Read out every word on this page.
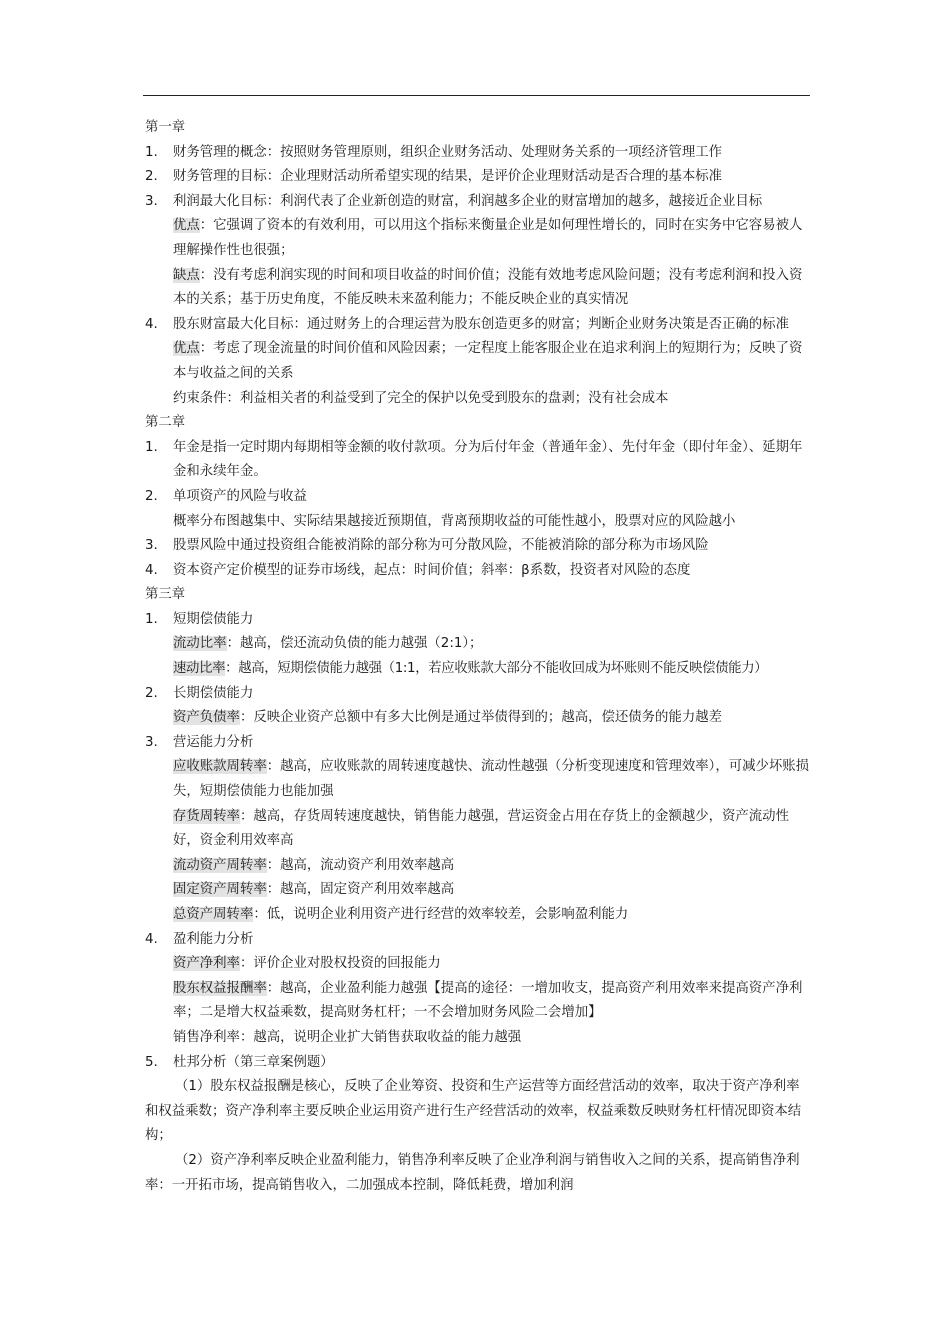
第一章

1. 财务管理的概念：按照财务管理原则，组织企业财务活动、处理财务关系的一项经济管理工作
2. 财务管理的目标：企业理财活动所希望实现的结果，是评价企业理财活动是否合理的基本标准
3. 利润最大化目标：利润代表了企业新创造的财富，利润越多企业的财富增加的越多，越接近企业目标
优点：它强调了资本的有效利用，可以用这个指标来衡量企业是如何理性增长的，同时在实务中它容易被人理解操作性也很强；
缺点：没有考虑利润实现的时间和项目收益的时间价值；没能有效地考虑风险问题；没有考虑利润和投入资本的关系；基于历史角度，不能反映未来盈利能力；不能反映企业的真实情况
4. 股东财富最大化目标：通过财务上的合理运营为股东创造更多的财富；判断企业财务决策是否正确的标准
优点：考虑了现金流量的时间价值和风险因素；一定程度上能客服企业在追求利润上的短期行为；反映了资本与收益之间的关系
约束条件：利益相关者的利益受到了完全的保护以免受到股东的盘剥；没有社会成本

第二章

1. 年金是指一定时期内每期相等金额的收付款项。分为后付年金（普通年金）、先付年金（即付年金）、延期年金和永续年金。
2. 单项资产的风险与收益
概率分布图越集中、实际结果越接近预期值，背离预期收益的可能性越小，股票对应的风险越小
3. 股票风险中通过投资组合能被消除的部分称为可分散风险，不能被消除的部分称为市场风险
4. 资本资产定价模型的证券市场线，起点：时间价值；斜率：β系数，投资者对风险的态度

第三章

1. 短期偿债能力
流动比率：越高，偿还流动负债的能力越强（2:1）；
速动比率：越高，短期偿债能力越强（1:1，若应收账款大部分不能收回成为坏账则不能反映偿债能力）
2. 长期偿债能力
资产负债率：反映企业资产总额中有多大比例是通过举债得到的；越高，偿还债务的能力越差
3. 营运能力分析
应收账款周转率：越高，应收账款的周转速度越快、流动性越强（分析变现速度和管理效率），可减少坏账损失，短期偿债能力也能加强
存货周转率：越高，存货周转速度越快，销售能力越强，营运资金占用在存货上的金额越少，资产流动性好，资金利用效率高
流动资产周转率：越高，流动资产利用效率越高
固定资产周转率：越高，固定资产利用效率越高
总资产周转率：低，说明企业利用资产进行经营的效率较差，会影响盈利能力
4. 盈利能力分析
资产净利率：评价企业对股权投资的回报能力
股东权益报酬率：越高，企业盈利能力越强【提高的途径：一增加收支，提高资产利用效率来提高资产净利率；二是增大权益乘数，提高财务杠杆；一不会增加财务风险二会增加】
销售净利率：越高，说明企业扩大销售获取收益的能力越强
5. 杜邦分析（第三章案例题）

（1）股东权益报酬是核心，反映了企业筹资、投资和生产运营等方面经营活动的效率，取决于资产净利率和权益乘数；资产净利率主要反映企业运用资产进行生产经营活动的效率，权益乘数反映财务杠杆情况即资本结构；

（2）资产净利率反映企业盈利能力，销售净利率反映了企业净利润与销售收入之间的关系，提高销售净利率：一开拓市场，提高销售收入，二加强成本控制，降低耗费，增加利润
